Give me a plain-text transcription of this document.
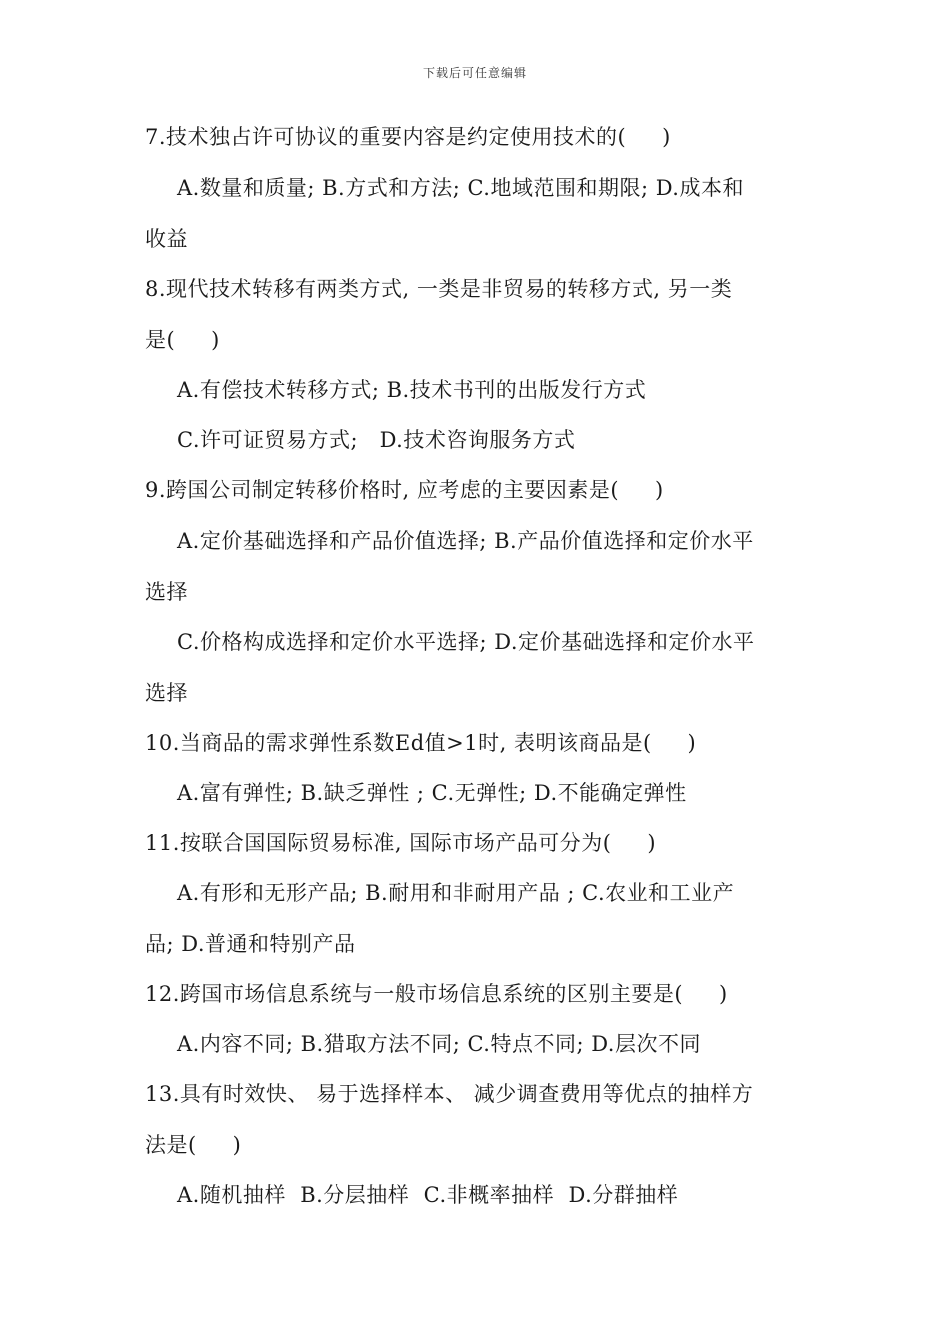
下载后可任意编辑
7.技术独占许可协议的重要内容是约定使用技术的(     )
A.数量和质量; B.方式和方法; C.地域范围和期限; D.成本和
收益
8.现代技术转移有两类方式, 一类是非贸易的转移方式, 另一类
是(     )
A.有偿技术转移方式; B.技术书刊的出版发行方式
C.许可证贸易方式;   D.技术咨询服务方式
9.跨国公司制定转移价格时, 应考虑的主要因素是(     )
A.定价基础选择和产品价值选择; B.产品价值选择和定价水平
选择
C.价格构成选择和定价水平选择; D.定价基础选择和定价水平
选择
10.当商品的需求弹性系数Ed值>1时, 表明该商品是(     )
A.富有弹性; B.缺乏弹性 ; C.无弹性; D.不能确定弹性
11.按联合国国际贸易标准, 国际市场产品可分为(     )
A.有形和无形产品; B.耐用和非耐用产品 ; C.农业和工业产
品; D.普通和特别产品
12.跨国市场信息系统与一般市场信息系统的区别主要是(     )
A.内容不同; B.猎取方法不同; C.特点不同; D.层次不同
13.具有时效快、 易于选择样本、 减少调查费用等优点的抽样方
法是(     )
A.随机抽样  B.分层抽样  C.非概率抽样  D.分群抽样
